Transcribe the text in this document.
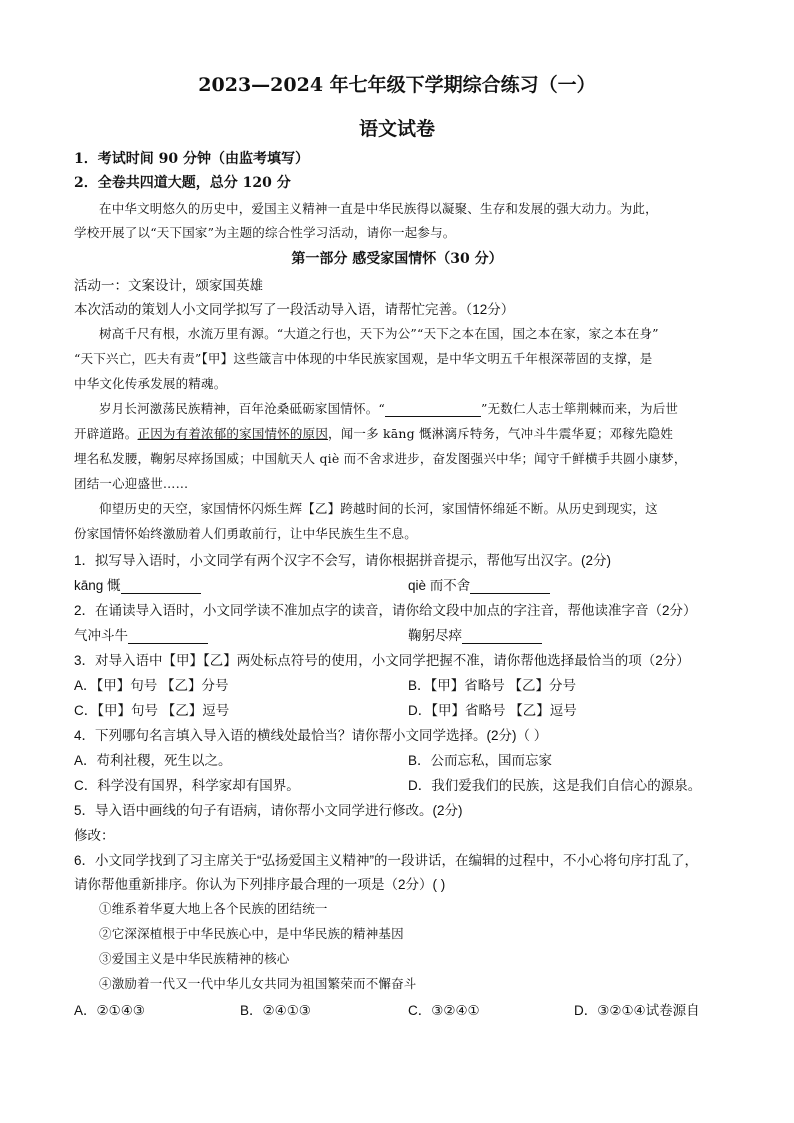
2023—2024 年七年级下学期综合练习（一）
语文试卷
1．考试时间 90 分钟（由监考填写）
2．全卷共四道大题，总分 120 分
在中华文明悠久的历史中，爱国主义精神一直是中华民族得以凝聚、生存和发展的强大动力。为此，
学校开展了以“天下国家”为主题的综合性学习活动，请你一起参与。
第一部分 感受家国情怀（30 分）
活动一：文案设计，颂家国英雄
本次活动的策划人小文同学拟写了一段活动导入语，请帮忙完善。（12分）
树高千尺有根，水流万里有源。“大道之行也，天下为公”“天下之本在国，国之本在家，家之本在身”
“天下兴亡，匹夫有责”【甲】这些箴言中体现的中华民族家国观，是中华文明五千年根深蒂固的支撑，是
中华文化传承发展的精魂。
岁月长河激荡民族精神，百年沧桑砥砺家国情怀。“	”无数仁人志士筚荆棘而来，为后世
开辟道路。正因为有着浓郁的家国情怀的原因，闻一多 kāng 慨淋漓斥特务，气冲斗牛震华夏；邓稼先隐姓
埋名私发腰，鞠躬尽瘁扬国威；中国航天人 qiè 而不舍求进步，奋发图强兴中华；闻守千鲜横手共圆小康梦，
团结一心迎盛世……
仰望历史的天空，家国情怀闪烁生辉【乙】跨越时间的长河，家国情怀绵延不断。从历史到现实，这
份家国情怀始终激励着人们勇敢前行，让中华民族生生不息。
1．拟写导入语时，小文同学有两个汉字不会写，请你根据拼音提示，帮他写出汉字。(2分)
kāng 慨	qiè 而不舍
2．在诵读导入语时，小文同学读不准加点字的读音，请你给文段中加点的字注音，帮他读准字音（2分）
气冲斗牛	鞠躬尽瘁
3．对导入语中【甲】【乙】两处标点符号的使用，小文同学把握不准，请你帮他选择最恰当的项（2分）
A．【甲】句号 【乙】分号	B．【甲】省略号 【乙】分号
C．【甲】句号 【乙】逗号	D．【甲】省略号 【乙】逗号
4．下列哪句名言填入导入语的横线处最恰当？请你帮小文同学选择。(2分)（ ）
A．苟利社稷，死生以之。	B．公而忘私，国而忘家
C．科学没有国界，科学家却有国界。	D．我们爱我们的民族，这是我们自信心的源泉。
5．导入语中画线的句子有语病，请你帮小文同学进行修改。(2分)
修改：
6．小文同学找到了习主席关于“弘扬爱国主义精神”的一段讲话，在编辑的过程中，不小心将句序打乱了，
请你帮他重新排序。你认为下列排序最合理的一项是（2分）( )
①维系着华夏大地上各个民族的团结统一
②它深深植根于中华民族心中，是中华民族的精神基因
③爱国主义是中华民族精神的核心
④激励着一代又一代中华儿女共同为祖国繁荣而不懈奋斗
A．②①④③	B．②④①③	C．③②④①	D．③②①④试卷源自
